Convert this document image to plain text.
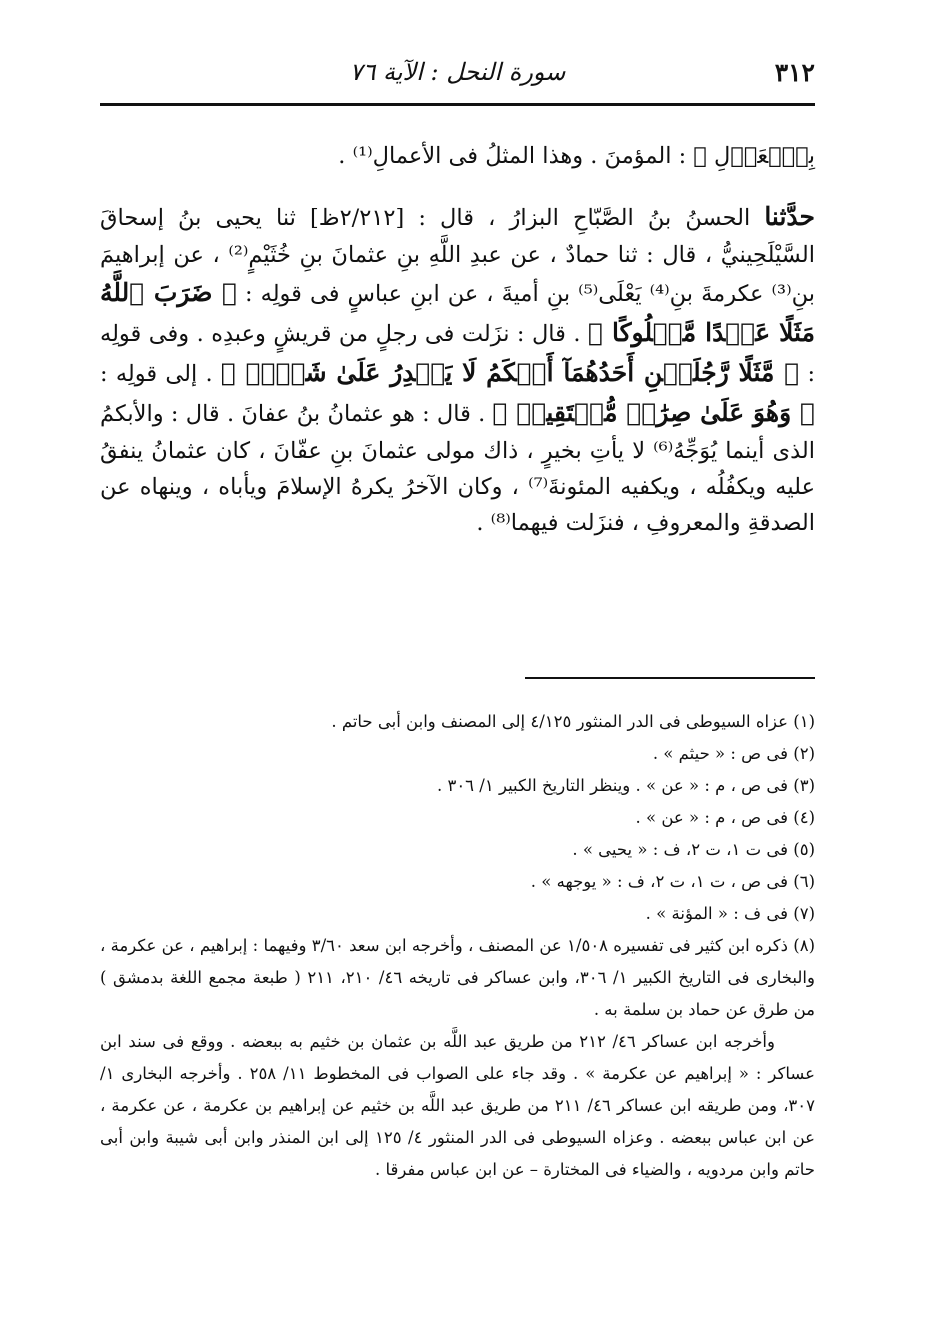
٣١٢
سورة النحل : الآية ٧٦

بِٱلۡعَدۡلِ ﴾ : المؤمنَ . وهذا المثلُ فى الأعمالِ⁽¹⁾ .

حدَّثنا الحسنُ بنُ الصَّبّاحِ البزارُ ، قال : [٢/٢١٢ظ] ثنا يحيى بنُ إسحاقَ السَّيْلَحِينيُّ ، قال : ثنا حمادٌ ، عن عبدِ اللَّهِ بنِ عثمانَ بنِ خُثَيْمٍ⁽²⁾ ، عن إبراهيمَ بنِ⁽³⁾ عكرمةَ بنِ⁽⁴⁾ يَعْلَى⁽⁵⁾ بنِ أميةَ ، عن ابنِ عباسٍ فى قولِه : ﴿ ضَرَبَ ٱللَّهُ مَثَلًا عَبۡدًا مَّمۡلُوكًا ﴾ . قال : نزَلت فى رجلٍ من قريشٍ وعبدِه . وفى قولِه : ﴿ مَّثَلًا رَّجُلَيۡنِ أَحَدُهُمَآ أَبۡكَمُ لَا يَقۡدِرُ عَلَىٰ شَيۡءٖ ﴾ . إلى قولِه : ﴿ وَهُوَ عَلَىٰ صِرَٰطٖ مُّسۡتَقِيمٖ ﴾ . قال : هو عثمانُ بنُ عفانَ . قال : والأبكمُ الذى أينما يُوَجِّهُ⁽⁶⁾ لا يأتِ بخيرٍ ، ذاك مولى عثمانَ بنِ عفّانَ ، كان عثمانُ ينفقُ عليه ويكفُلُه ، ويكفيه المئونةَ⁽⁷⁾ ، وكان الآخرُ يكرهُ الإسلامَ ويأباه ، وينهاه عن الصدقةِ والمعروفِ ، فنزَلت فيهما⁽⁸⁾ .

(١) عزاه السيوطى فى الدر المنثور ٤/١٢٥ إلى المصنف وابن أبى حاتم .

(٢) فى ص : « حيثم » .

(٣) فى ص ، م : « عن » . وينظر التاريخ الكبير ١/ ٣٠٦ .

(٤) فى ص ، م : « عن » .

(٥) فى ت ١، ت ٢، ف : « يحيى » .

(٦) فى ص ، ت ١، ت ٢، ف : « يوجهه » .

(٧) فى ف : « المؤنة » .

(٨) ذكره ابن كثير فى تفسيره ١/٥٠٨ عن المصنف ، وأخرجه ابن سعد ٣/٦٠ وفيهما : إبراهيم ، عن عكرمة ، والبخارى فى التاريخ الكبير ١/ ٣٠٦، وابن عساكر فى تاريخه ٤٦/ ٢١٠، ٢١١ ( طبعة مجمع اللغة بدمشق ) من طرق عن حماد بن سلمة به .

وأخرجه ابن عساكر ٤٦/ ٢١٢ من طريق عبد اللَّه بن عثمان بن خثيم به ببعضه . ووقع فى سند ابن عساكر : « إبراهيم عن عكرمة » . وقد جاء على الصواب فى المخطوط ١١/ ٢٥٨ . وأخرجه البخارى ١/ ٣٠٧، ومن طريقه ابن عساكر ٤٦/ ٢١١ من طريق عبد اللَّه بن خثيم عن إبراهيم بن عكرمة ، عن عكرمة ، عن ابن عباس ببعضه . وعزاه السيوطى فى الدر المنثور ٤/ ١٢٥ إلى ابن المنذر وابن أبى شيبة وابن أبى حاتم وابن مردويه ، والضياء فى المختارة – عن ابن عباس مفرقا .
